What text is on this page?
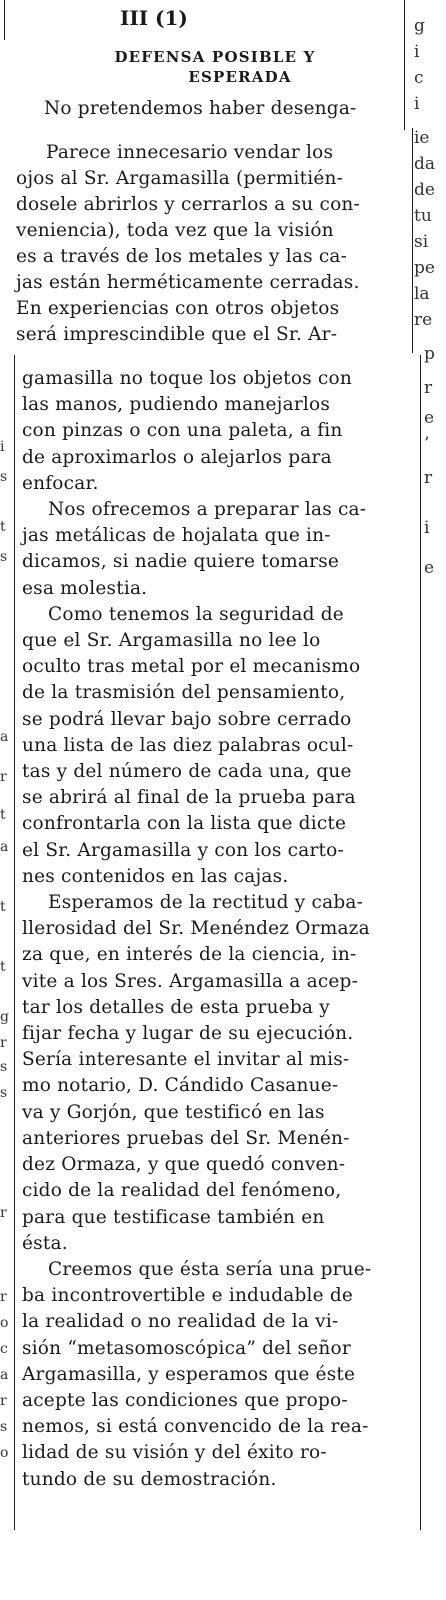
III (1)
DEFENSA POSIBLE Y
ESPERADA
No pretendemos haber desenga-
Parece innecesario vendar los
ojos al Sr. Argamasilla (permitién-
dosele abrirlos y cerrarlos a su con-
veniencia), toda vez que la visión
es a través de los metales y las ca-
jas están herméticamente cerradas.
En experiencias con otros objetos
será imprescindible que el Sr. Ar-
gamasilla no toque los objetos con
las manos, pudiendo manejarlos
con pinzas o con una paleta, a fin
de aproximarlos o alejarlos para
enfocar.
Nos ofrecemos a preparar las ca-
jas metálicas de hojalata que in-
dicamos, si nadie quiere tomarse
esa molestia.
Como tenemos la seguridad de
que el Sr. Argamasilla no lee lo
oculto tras metal por el mecanismo
de la trasmisión del pensamiento,
se podrá llevar bajo sobre cerrado
una lista de las diez palabras ocul-
tas y del número de cada una, que
se abrirá al final de la prueba para
confrontarla con la lista que dicte
el Sr. Argamasilla y con los carto-
nes contenidos en las cajas.
Esperamos de la rectitud y caba-
llerosidad del Sr. Menéndez Ormaza
za que, en interés de la ciencia, in-
vite a los Sres. Argamasilla a acep-
tar los detalles de esta prueba y
fijar fecha y lugar de su ejecución.
Sería interesante el invitar al mis-
mo notario, D. Cándido Casanue-
va y Gorjón, que testificó en las
anteriores pruebas del Sr. Menén-
dez Ormaza, y que quedó conven-
cido de la realidad del fenómeno,
para que testificase también en
ésta.
Creemos que ésta sería una prue-
ba incontrovertible e indudable de
la realidad o no realidad de la vi-
sión “metasomoscópica” del señor
Argamasilla, y esperamos que éste
acepte las condiciones que propo-
nemos, si está convencido de la rea-
lidad de su visión y del éxito ro-
tundo de su demostración.
g
i
c
i
ie
da
de
tu
si
pe
la
re
p
r
e
’
r
i
e
i
s
t
s
a
r
t
a
t
t
g
r
s
s
r
r
o
c
a
r
s
o
